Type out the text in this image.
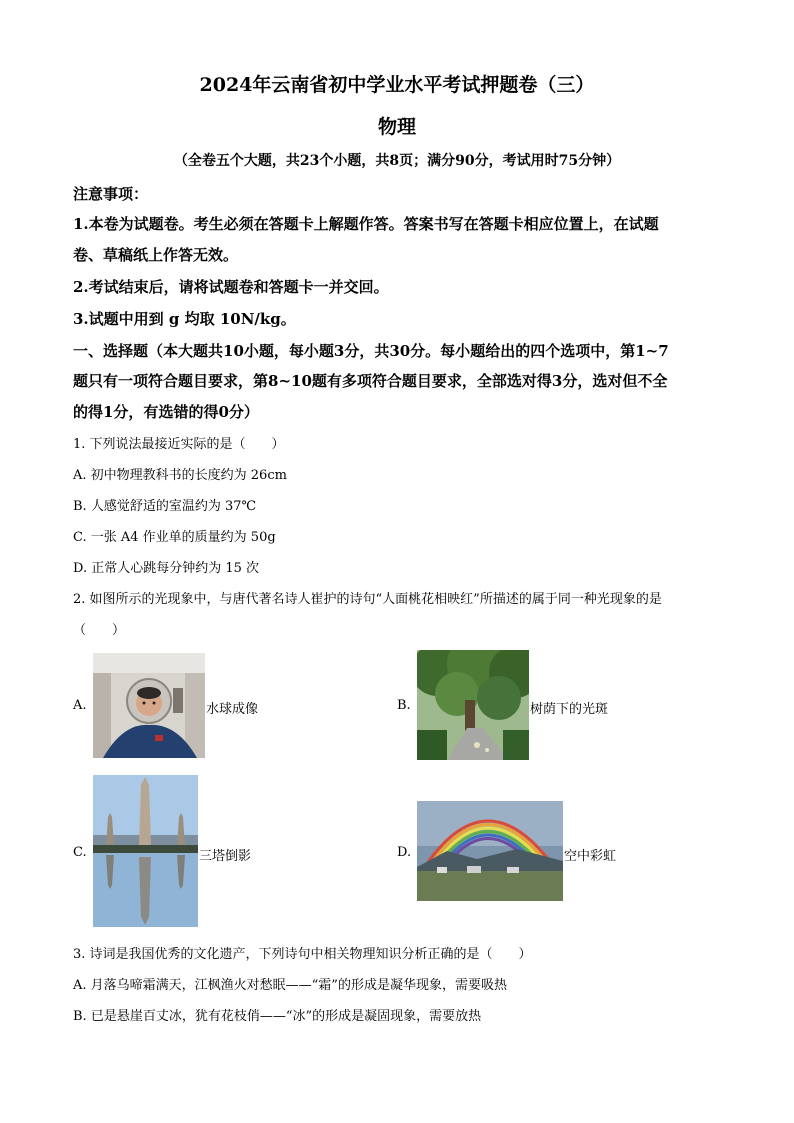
2024年云南省初中学业水平考试押题卷（三）
物理
（全卷五个大题，共23个小题，共8页；满分90分，考试用时75分钟）
注意事项：
1.本卷为试题卷。考生必须在答题卡上解题作答。答案书写在答题卡相应位置上，在试题
卷、草稿纸上作答无效。
2.考试结束后，请将试题卷和答题卡一并交回。
3.试题中用到 g 均取 10N/kg。
一、选择题（本大题共10小题，每小题3分，共30分。每小题给出的四个选项中，第1~7
题只有一项符合题目要求，第8~10题有多项符合题目要求，全部选对得3分，选对但不全
的得1分，有选错的得0分）
1. 下列说法最接近实际的是（　　）
A. 初中物理教科书的长度约为 26cm
B. 人感觉舒适的室温约为 37℃
C. 一张 A4 作业单的质量约为 50g
D. 正常人心跳每分钟约为 15 次
2. 如图所示的光现象中，与唐代著名诗人崔护的诗句“人面桃花相映红”所描述的属于同一种光现象的是
（　　）
A.	水球成像	B.	树荫下的光斑
C.	三塔倒影	D.	空中彩虹
3. 诗词是我国优秀的文化遗产，下列诗句中相关物理知识分析正确的是（　　）
A. 月落乌啼霜满天，江枫渔火对愁眠——“霜”的形成是凝华现象，需要吸热
B. 已是悬崖百丈冰，犹有花枝俏——“冰”的形成是凝固现象，需要放热
